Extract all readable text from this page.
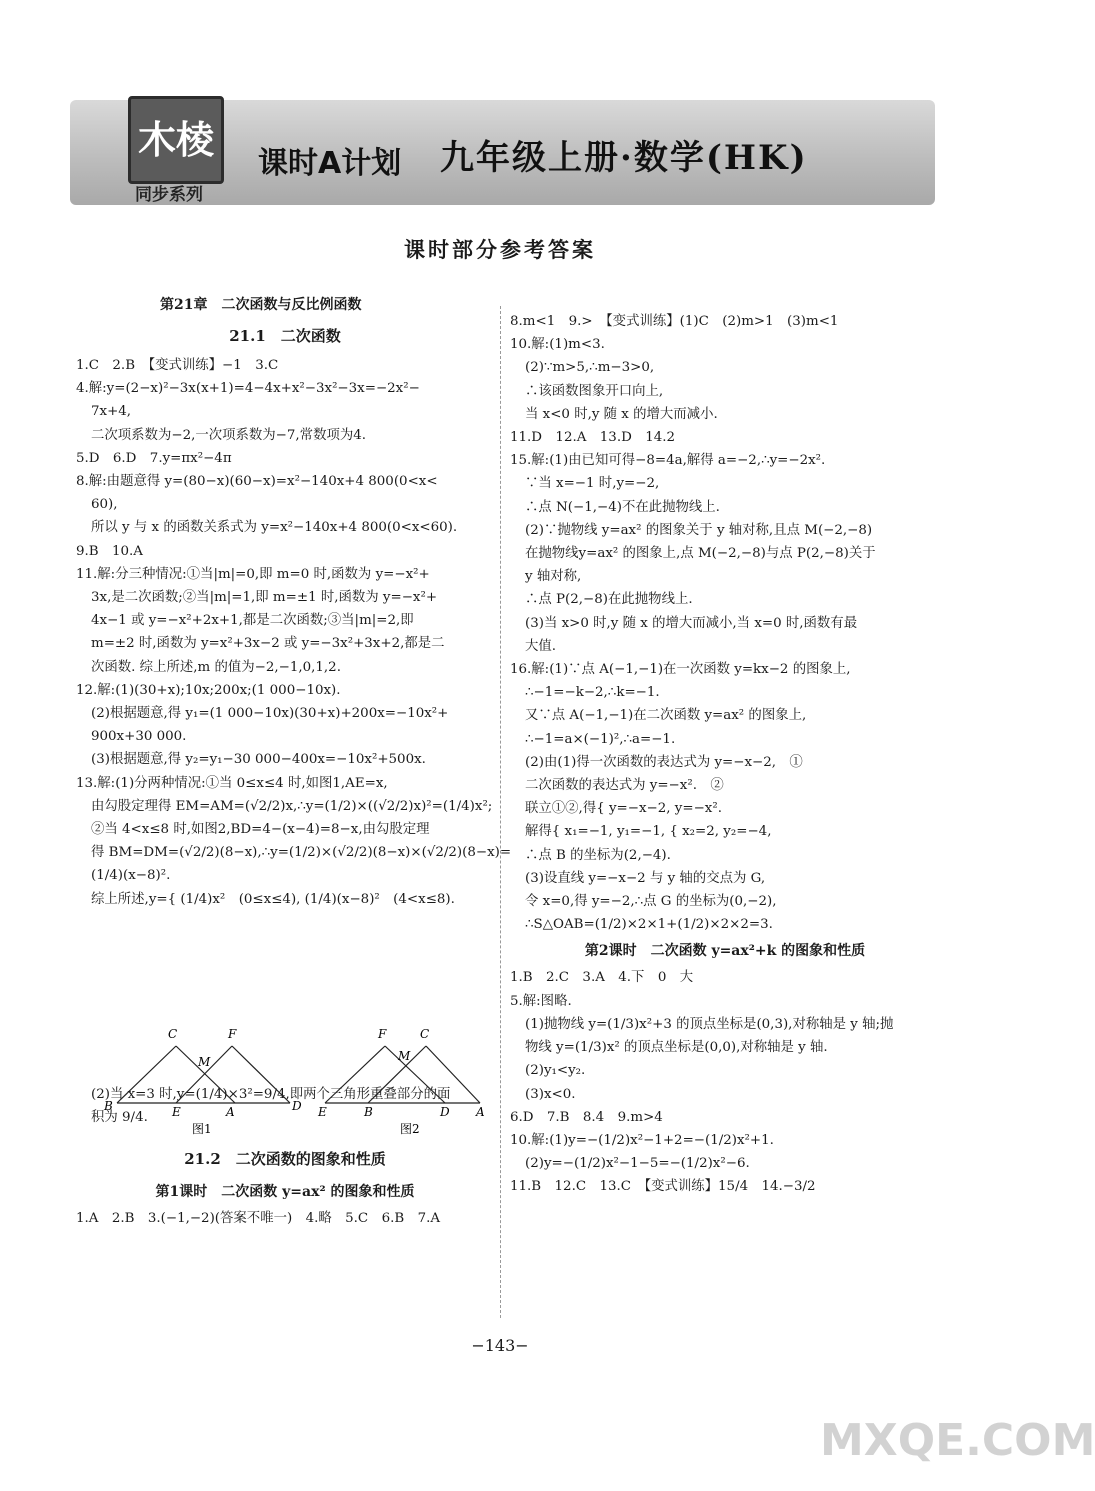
木棱
同步系列
课时A计划 九年级上册·数学(HK)
课时部分参考答案
第21章　二次函数与反比例函数
21.1　二次函数
1.C　2.B　【变式训练】−1　3.C
4.解:y=(2−x)²−3x(x+1)=4−4x+x²−3x²−3x=−2x²−
7x+4,
二次项系数为−2,一次项系数为−7,常数项为4.
5.D　6.D　7.y=πx²−4π
8.解:由题意得 y=(80−x)(60−x)=x²−140x+4 800(0<x<
60),
所以 y 与 x 的函数关系式为 y=x²−140x+4 800(0<x<60).
9.B　10.A
11.解:分三种情况:①当|m|=0,即 m=0 时,函数为 y=−x²+
3x,是二次函数;②当|m|=1,即 m=±1 时,函数为 y=−x²+
4x−1 或 y=−x²+2x+1,都是二次函数;③当|m|=2,即
m=±2 时,函数为 y=x²+3x−2 或 y=−3x²+3x+2,都是二
次函数. 综上所述,m 的值为−2,−1,0,1,2.
12.解:(1)(30+x);10x;200x;(1 000−10x).
(2)根据题意,得 y₁=(1 000−10x)(30+x)+200x=−10x²+
900x+30 000.
(3)根据题意,得 y₂=y₁−30 000−400x=−10x²+500x.
13.解:(1)分两种情况:①当 0≤x≤4 时,如图1,AE=x,
由勾股定理得 EM=AM=(√2/2)x,∴y=(1/2)×((√2/2)x)²=(1/4)x²;
②当 4<x≤8 时,如图2,BD=4−(x−4)=8−x,由勾股定理
得 BM=DM=(√2/2)(8−x),∴y=(1/2)×(√2/2)(8−x)×(√2/2)(8−x)=
(1/4)(x−8)².
综上所述,y={ (1/4)x²　(0≤x≤4), (1/4)(x−8)²　(4<x≤8).
(2)当 x=3 时,y=(1/4)×3²=9/4,即两个三角形重叠部分的面
积为 9/4.
21.2　二次函数的图象和性质
第1课时　二次函数 y=ax² 的图象和性质
1.A　2.B　3.(−1,−2)(答案不唯一)　4.略　5.C　6.B　7.A
C	F
M
B	E	A	D
图1
F	C
M
E	B	D A
图2
8.m<1　9.>　【变式训练】(1)C　(2)m>1　(3)m<1
10.解:(1)m<3.
(2)∵m>5,∴m−3>0,
∴该函数图象开口向上,
当 x<0 时,y 随 x 的增大而减小.
11.D　12.A　13.D　14.2
15.解:(1)由已知可得−8=4a,解得 a=−2,∴y=−2x².
∵当 x=−1 时,y=−2,
∴点 N(−1,−4)不在此抛物线上.
(2)∵抛物线 y=ax² 的图象关于 y 轴对称,且点 M(−2,−8)
在抛物线y=ax² 的图象上,点 M(−2,−8)与点 P(2,−8)关于
y 轴对称,
∴点 P(2,−8)在此抛物线上.
(3)当 x>0 时,y 随 x 的增大而减小,当 x=0 时,函数有最
大值.
16.解:(1)∵点 A(−1,−1)在一次函数 y=kx−2 的图象上,
∴−1=−k−2,∴k=−1.
又∵点 A(−1,−1)在二次函数 y=ax² 的图象上,
∴−1=a×(−1)²,∴a=−1.
(2)由(1)得一次函数的表达式为 y=−x−2,　①
二次函数的表达式为 y=−x².　②
联立①②,得{ y=−x−2, y=−x².
解得{ x₁=−1, y₁=−1, { x₂=2, y₂=−4,
∴点 B 的坐标为(2,−4).
(3)设直线 y=−x−2 与 y 轴的交点为 G,
令 x=0,得 y=−2,∴点 G 的坐标为(0,−2),
∴S△OAB=(1/2)×2×1+(1/2)×2×2=3.
第2课时　二次函数 y=ax²+k 的图象和性质
1.B　2.C　3.A　4.下　0　大
5.解:图略.
(1)抛物线 y=(1/3)x²+3 的顶点坐标是(0,3),对称轴是 y 轴;抛
物线 y=(1/3)x² 的顶点坐标是(0,0),对称轴是 y 轴.
(2)y₁<y₂.
(3)x<0.
6.D　7.B　8.4　9.m>4
10.解:(1)y=−(1/2)x²−1+2=−(1/2)x²+1.
(2)y=−(1/2)x²−1−5=−(1/2)x²−6.
11.B　12.C　13.C　【变式训练】15/4　14.−3/2
−143−
MXQE.COM
